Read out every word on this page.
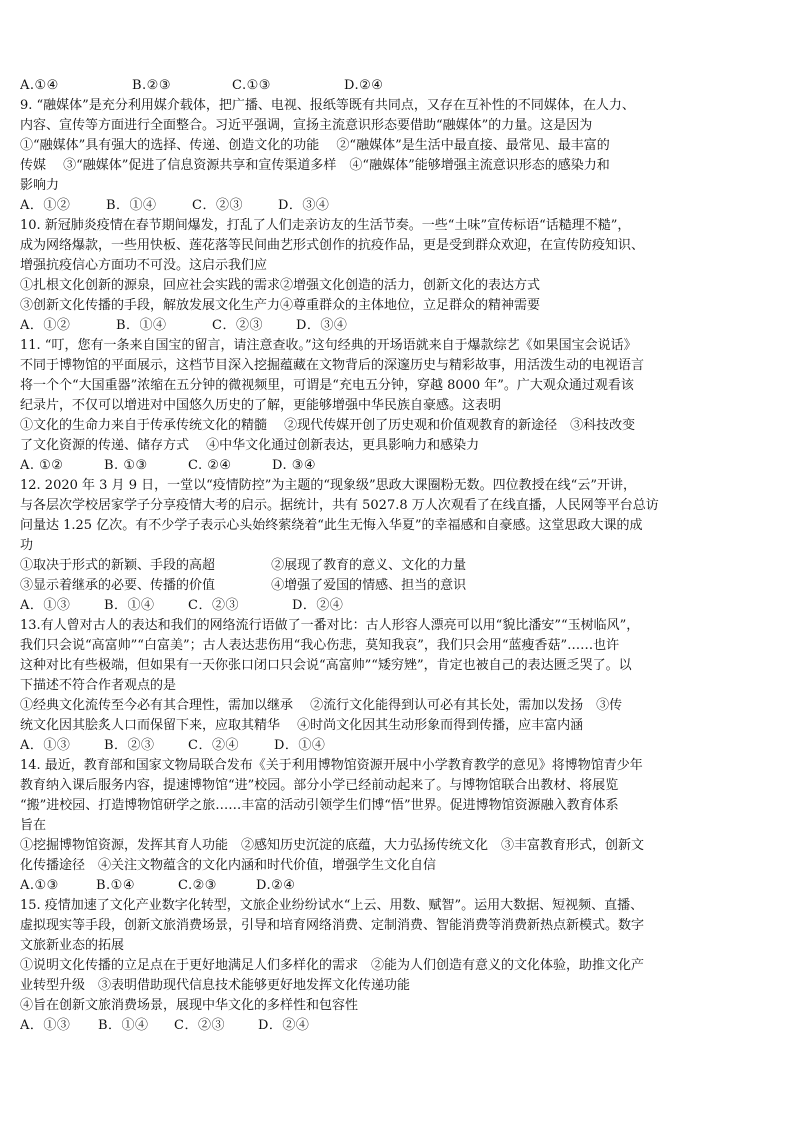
A.①④	B.②③	C.①③	D.②④
9. “融媒体”是充分利用媒介载体，把广播、电视、报纸等既有共同点，又存在互补性的不同媒体，在人力、
内容、宣传等方面进行全面整合。习近平强调，宣扬主流意识形态要借助“融媒体”的力量。这是因为
①“融媒体”具有强大的选择、传递、创造文化的功能　 ②“融媒体”是生活中最直接、最常见、最丰富的
传媒　 ③“融媒体”促进了信息资源共享和宣传渠道多样　④“融媒体”能够增强主流意识形态的感染力和
影响力
A．①②	B．①④	C．②③	D．③④
10. 新冠肺炎疫情在春节期间爆发，打乱了人们走亲访友的生活节奏。一些“土味”宣传标语“话糙理不糙”，
成为网络爆款，一些用快板、莲花落等民间曲艺形式创作的抗疫作品，更是受到群众欢迎，在宣传防疫知识、
增强抗疫信心方面功不可没。这启示我们应
①扎根文化创新的源泉，回应社会实践的需求②增强文化创造的活力，创新文化的表达方式
③创新文化传播的手段，解放发展文化生产力④尊重群众的主体地位，立足群众的精神需要
A．①②	B．①④	C．②③	D．③④
11. “叮，您有一条来自国宝的留言，请注意查收。”这句经典的开场语就来自于爆款综艺《如果国宝会说话》
不同于博物馆的平面展示，这档节目深入挖掘蕴藏在文物背后的深邃历史与精彩故事，用活泼生动的电视语言
将一个个“大国重器”浓缩在五分钟的微视频里，可谓是“充电五分钟，穿越 8000 年”。广大观众通过观看该
纪录片，不仅可以增进对中国悠久历史的了解，更能够增强中华民族自豪感。这表明
①文化的生命力来自于传承传统文化的精髓　 ②现代传媒开创了历史观和价值观教育的新途径　③科技改变
了文化资源的传递、储存方式　 ④中华文化通过创新表达，更具影响力和感染力
A. ①②	B. ①③	C. ②④	D. ③④
12. 2020 年 3 月 9 日，一堂以“疫情防控”为主题的“现象级”思政大课圈粉无数。四位教授在线“云”开讲，
与各层次学校居家学子分享疫情大考的启示。据统计，共有 5027.8 万人次观看了在线直播，人民网等平台总访
问量达 1.25 亿次。有不少学子表示心头始终萦绕着“此生无悔入华夏”的幸福感和自豪感。这堂思政大课的成
功
①取决于形式的新颖、手段的高超　　　　 ②展现了教育的意义、文化的力量
③显示着继承的必要、传播的价值　　　　 ④增强了爱国的情感、担当的意识
A．①③	B．①④	C．②③	D．②④
13.有人曾对古人的表达和我们的网络流行语做了一番对比：古人形容人漂亮可以用“貌比潘安”“玉树临风”，
我们只会说“高富帅”“白富美”；古人表达悲伤用“我心伤悲，莫知我哀”，我们只会用“蓝瘦香菇”……也许
这种对比有些极端，但如果有一天你张口闭口只会说“高富帅”“矮穷矬”，肯定也被自己的表达匮乏哭了。以
下描述不符合作者观点的是
①经典文化流传至今必有其合理性，需加以继承　 ②流行文化能得到认可必有其长处，需加以发扬　③传
统文化因其脍炙人口而保留下来，应取其精华　 ④时尚文化因其生动形象而得到传播，应丰富内涵
A．①③	B．②③	C．②④	D．①④
14. 最近，教育部和国家文物局联合发布《关于利用博物馆资源开展中小学教育教学的意见》将博物馆青少年
教育纳入课后服务内容，提速博物馆“进”校园。部分小学已经前动起来了。与博物馆联合出教材、将展览
“搬”进校园、打造博物馆研学之旅……丰富的活动引领学生们博“悟”世界。促进博物馆资源融入教育体系
旨在
①挖掘博物馆资源，发挥其育人功能　②感知历史沉淀的底蕴，大力弘扬传统文化　③丰富教育形式，创新文
化传播途径　④关注文物蕴含的文化内涵和时代价值，增强学生文化自信
A.①③	B.①④	C.②③	D.②④
15. 疫情加速了文化产业数字化转型，文旅企业纷纷试水“上云、用数、赋智”。运用大数据、短视频、直播、
虚拟现实等手段，创新文旅消费场景，引导和培育网络消费、定制消费、智能消费等消费新热点新模式。数字
文旅新业态的拓展
①说明文化传播的立足点在于更好地满足人们多样化的需求　②能为人们创造有意义的文化体验，助推文化产
业转型升级　③表明借助现代信息技术能够更好地发挥文化传递功能
④旨在创新文旅消费场景，展现中华文化的多样性和包容性
A．①③ B．①④ C．②③	D．②④
